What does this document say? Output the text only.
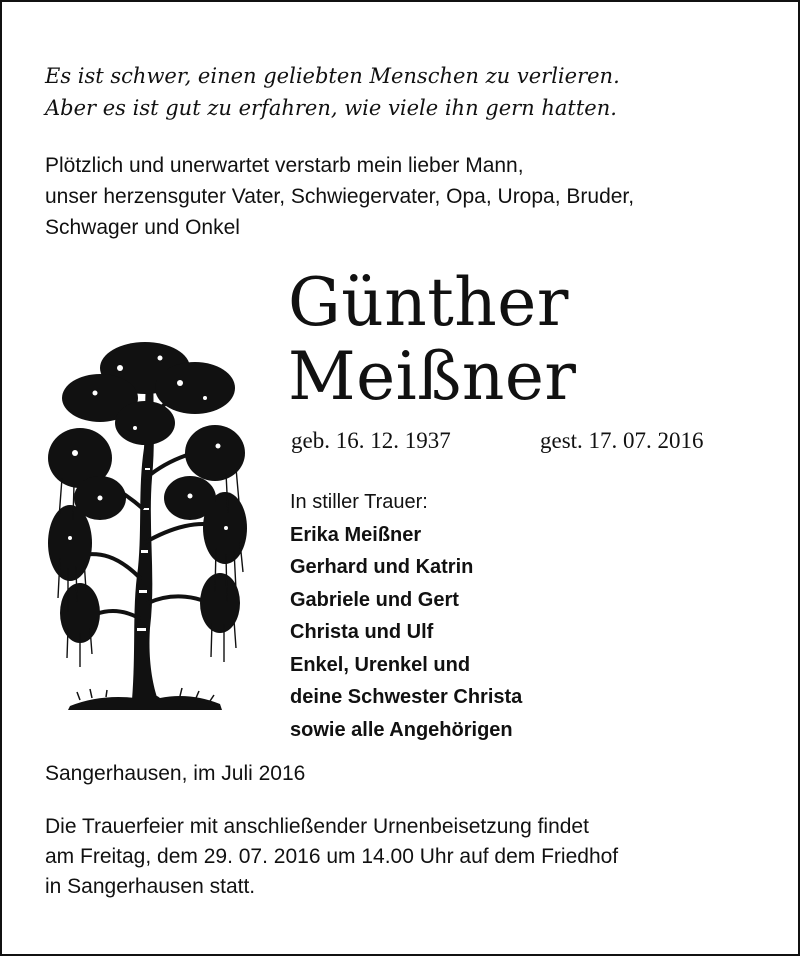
Es ist schwer, einen geliebten Menschen zu verlieren.
Aber es ist gut zu erfahren, wie viele ihn gern hatten.
Plötzlich und unerwartet verstarb mein lieber Mann,
unser herzensguter Vater, Schwiegervater, Opa, Uropa, Bruder,
Schwager und Onkel
Günther
Meißner
geb. 16. 12. 1937	gest. 17. 07. 2016
In stiller Trauer:
Erika Meißner
Gerhard und Katrin
Gabriele und Gert
Christa und Ulf
Enkel, Urenkel und
deine Schwester Christa
sowie alle Angehörigen
Sangerhausen, im Juli 2016
Die Trauerfeier mit anschließender Urnenbeisetzung findet
am Freitag, dem 29. 07. 2016 um 14.00 Uhr auf dem Friedhof
in Sangerhausen statt.
